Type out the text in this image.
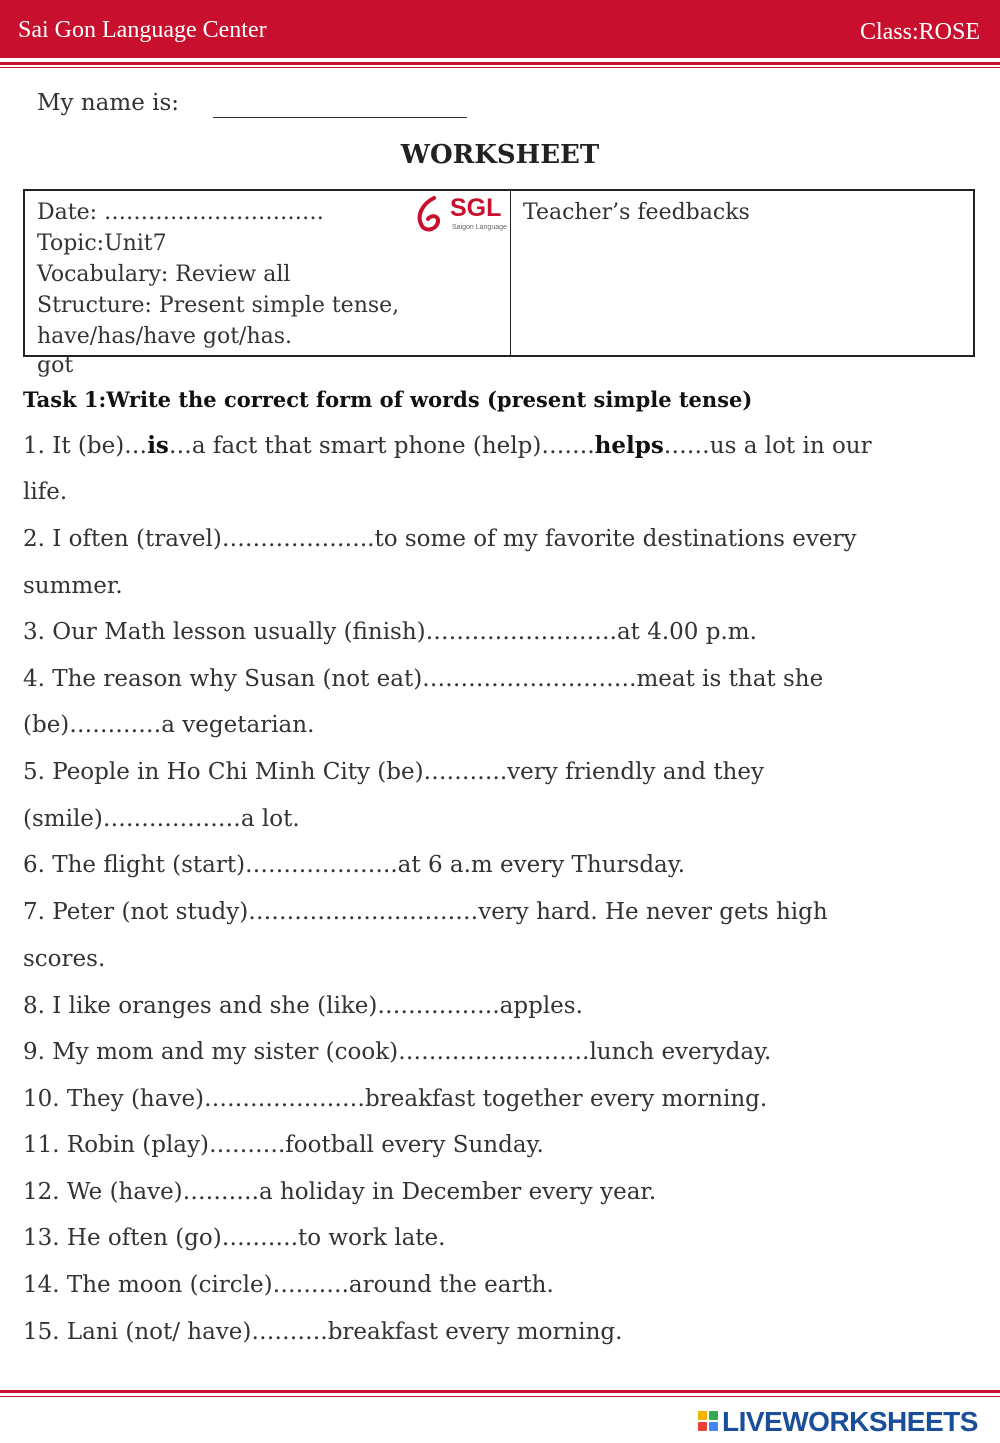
Sai Gon Language Center	Class:ROSE
My name is:
WORKSHEET
Date: …………………………
Topic:Unit7
Vocabulary: Review all
Structure: Present simple tense,
have/has/have got/has.
Teacher’s feedbacks
got
SGL
Saigon Language
Task 1:Write the correct form of words (present simple tense)
1. It (be)…is…a fact that smart phone (help)…….helps……us a lot in our
life.
2. I often (travel)………………..to some of my favorite destinations every
summer.
3. Our Math lesson usually (finish)…………………….at 4.00 p.m.
4. The reason why Susan (not eat)……………………….meat is that she
(be)…………a vegetarian.
5. People in Ho Chi Minh City (be)………..very friendly and they
(smile)………………a lot.
6. The flight (start)………………..at 6 a.m every Thursday.
7. Peter (not study)…………………………very hard. He never gets high
scores.
8. I like oranges and she (like)…………….apples.
9. My mom and my sister (cook)…………………….lunch everyday.
10. They (have)…………………breakfast together every morning.
11. Robin (play)……….football every Sunday.
12. We (have)……….a holiday in December every year.
13. He often (go)……….to work late.
14. The moon (circle)……….around the earth.
15. Lani (not/ have)……….breakfast every morning.
LIVEWORKSHEETS
